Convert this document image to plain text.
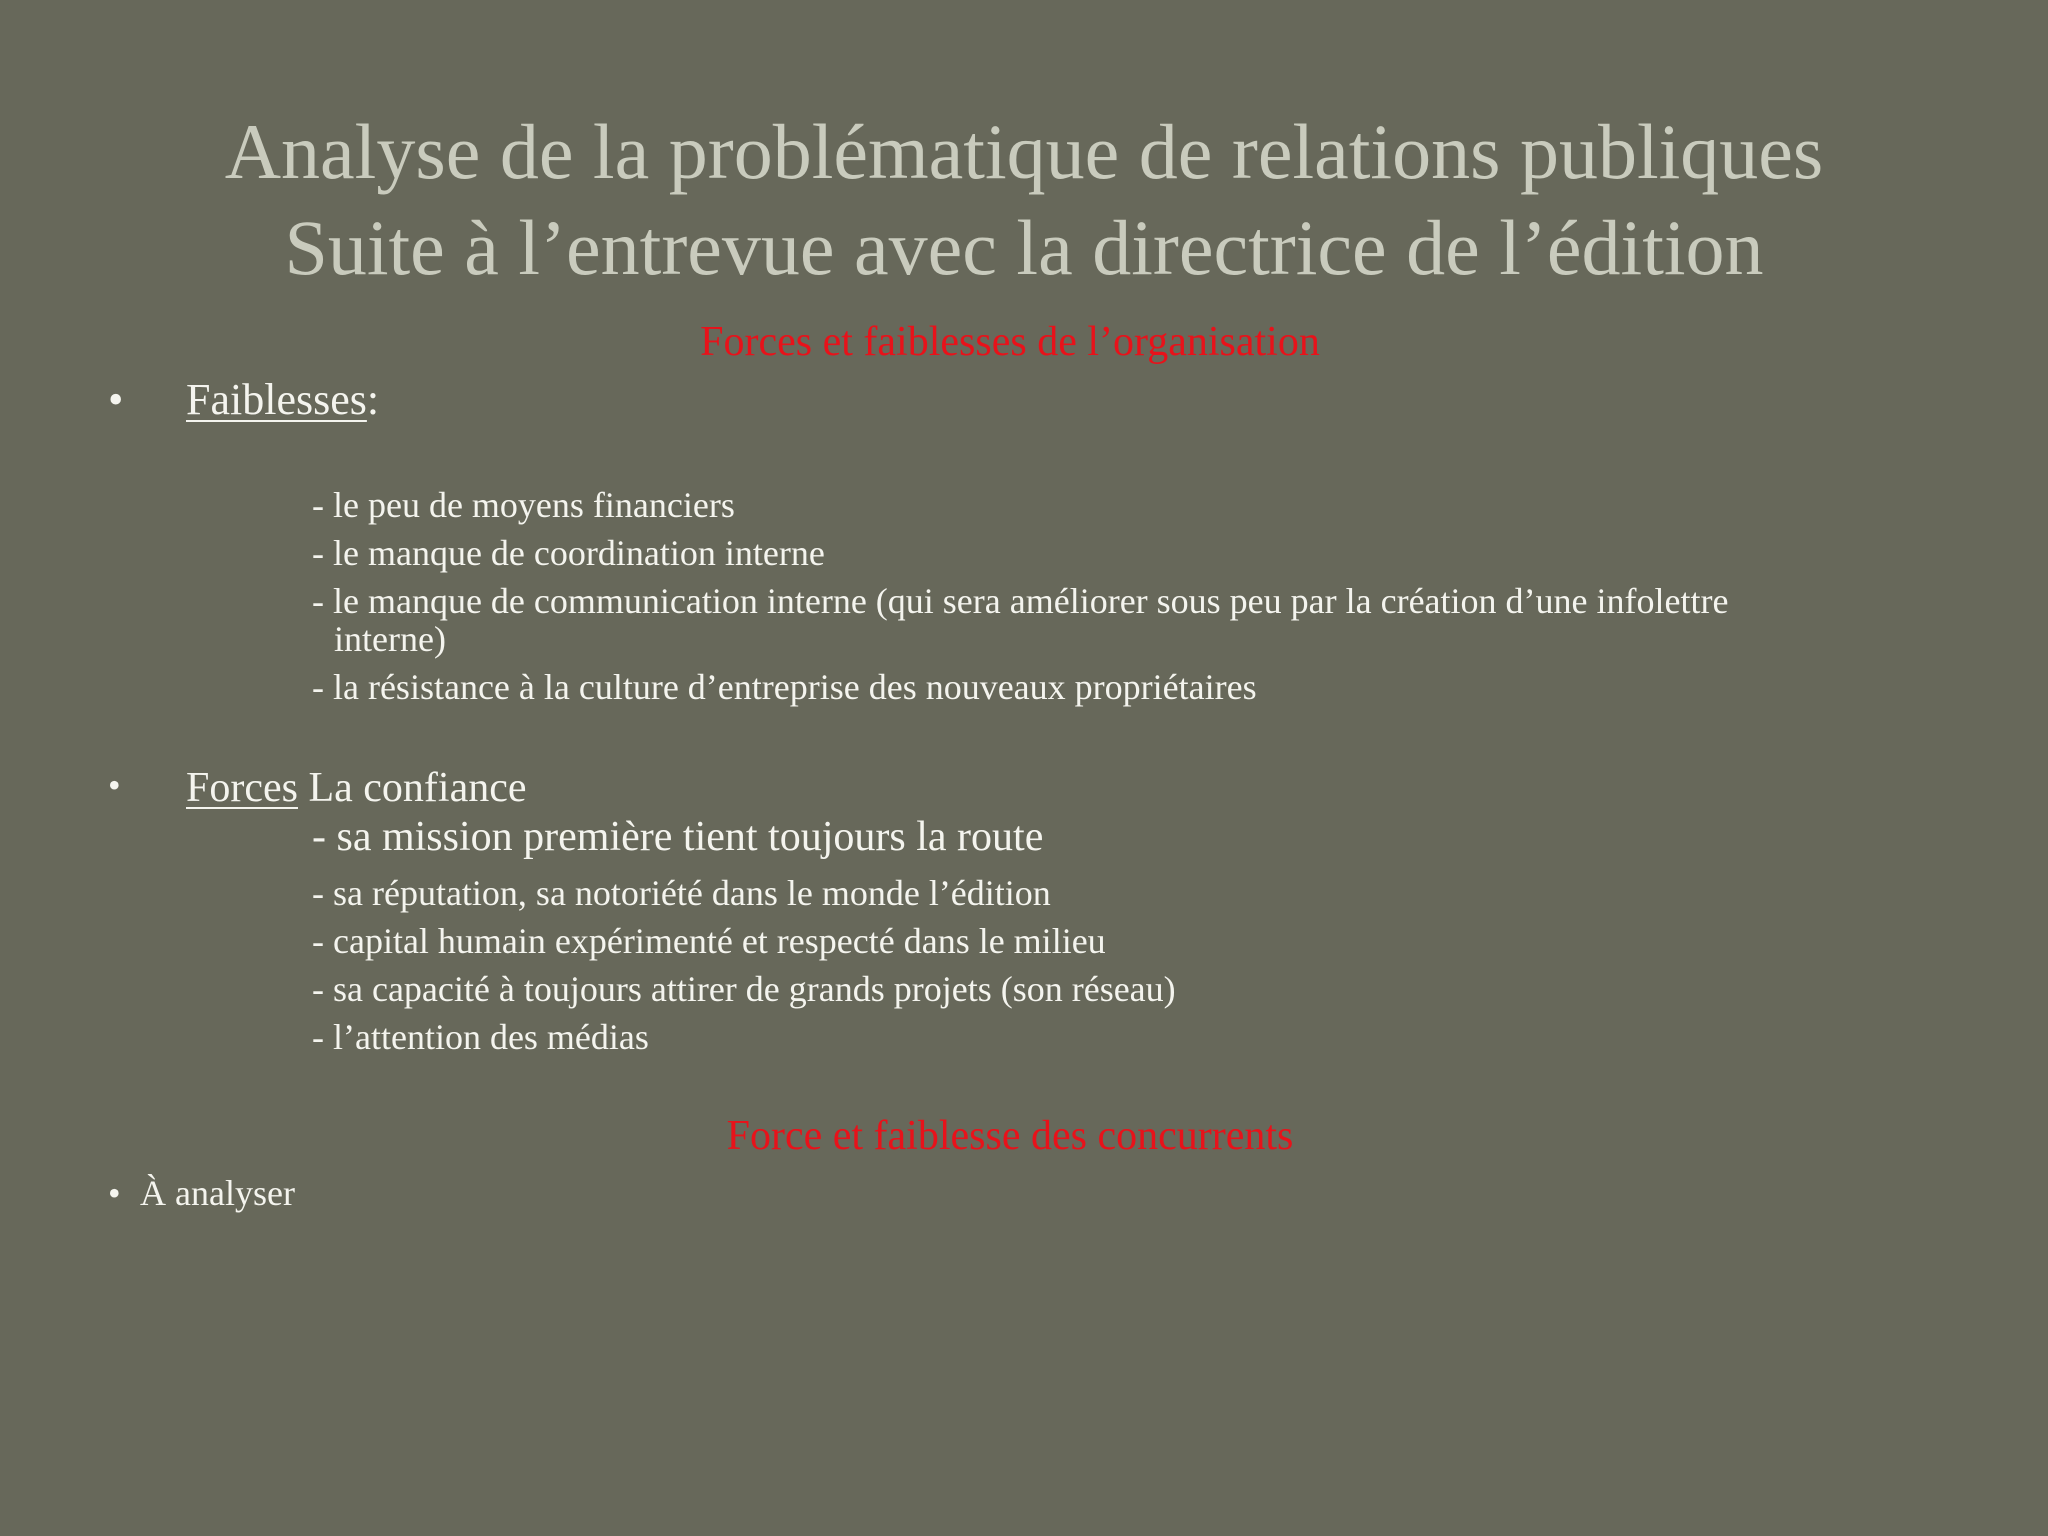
Analyse de la problématique de relations publiques
Suite à l’entrevue avec la directrice de l’édition
Forces et faiblesses de l’organisation
• Faiblesses:
- le peu de moyens financiers
- le manque de coordination interne
- le manque de communication interne (qui sera améliorer sous peu par la création d’une infolettre
interne)
- la résistance à la culture d’entreprise des nouveaux propriétaires
• Forces La confiance
- sa mission première tient toujours la route
- sa réputation, sa notoriété dans le monde l’édition
- capital humain expérimenté et respecté dans le milieu
- sa capacité à toujours attirer de grands projets (son réseau)
- l’attention des médias
Force et faiblesse des concurrents
• À analyser
